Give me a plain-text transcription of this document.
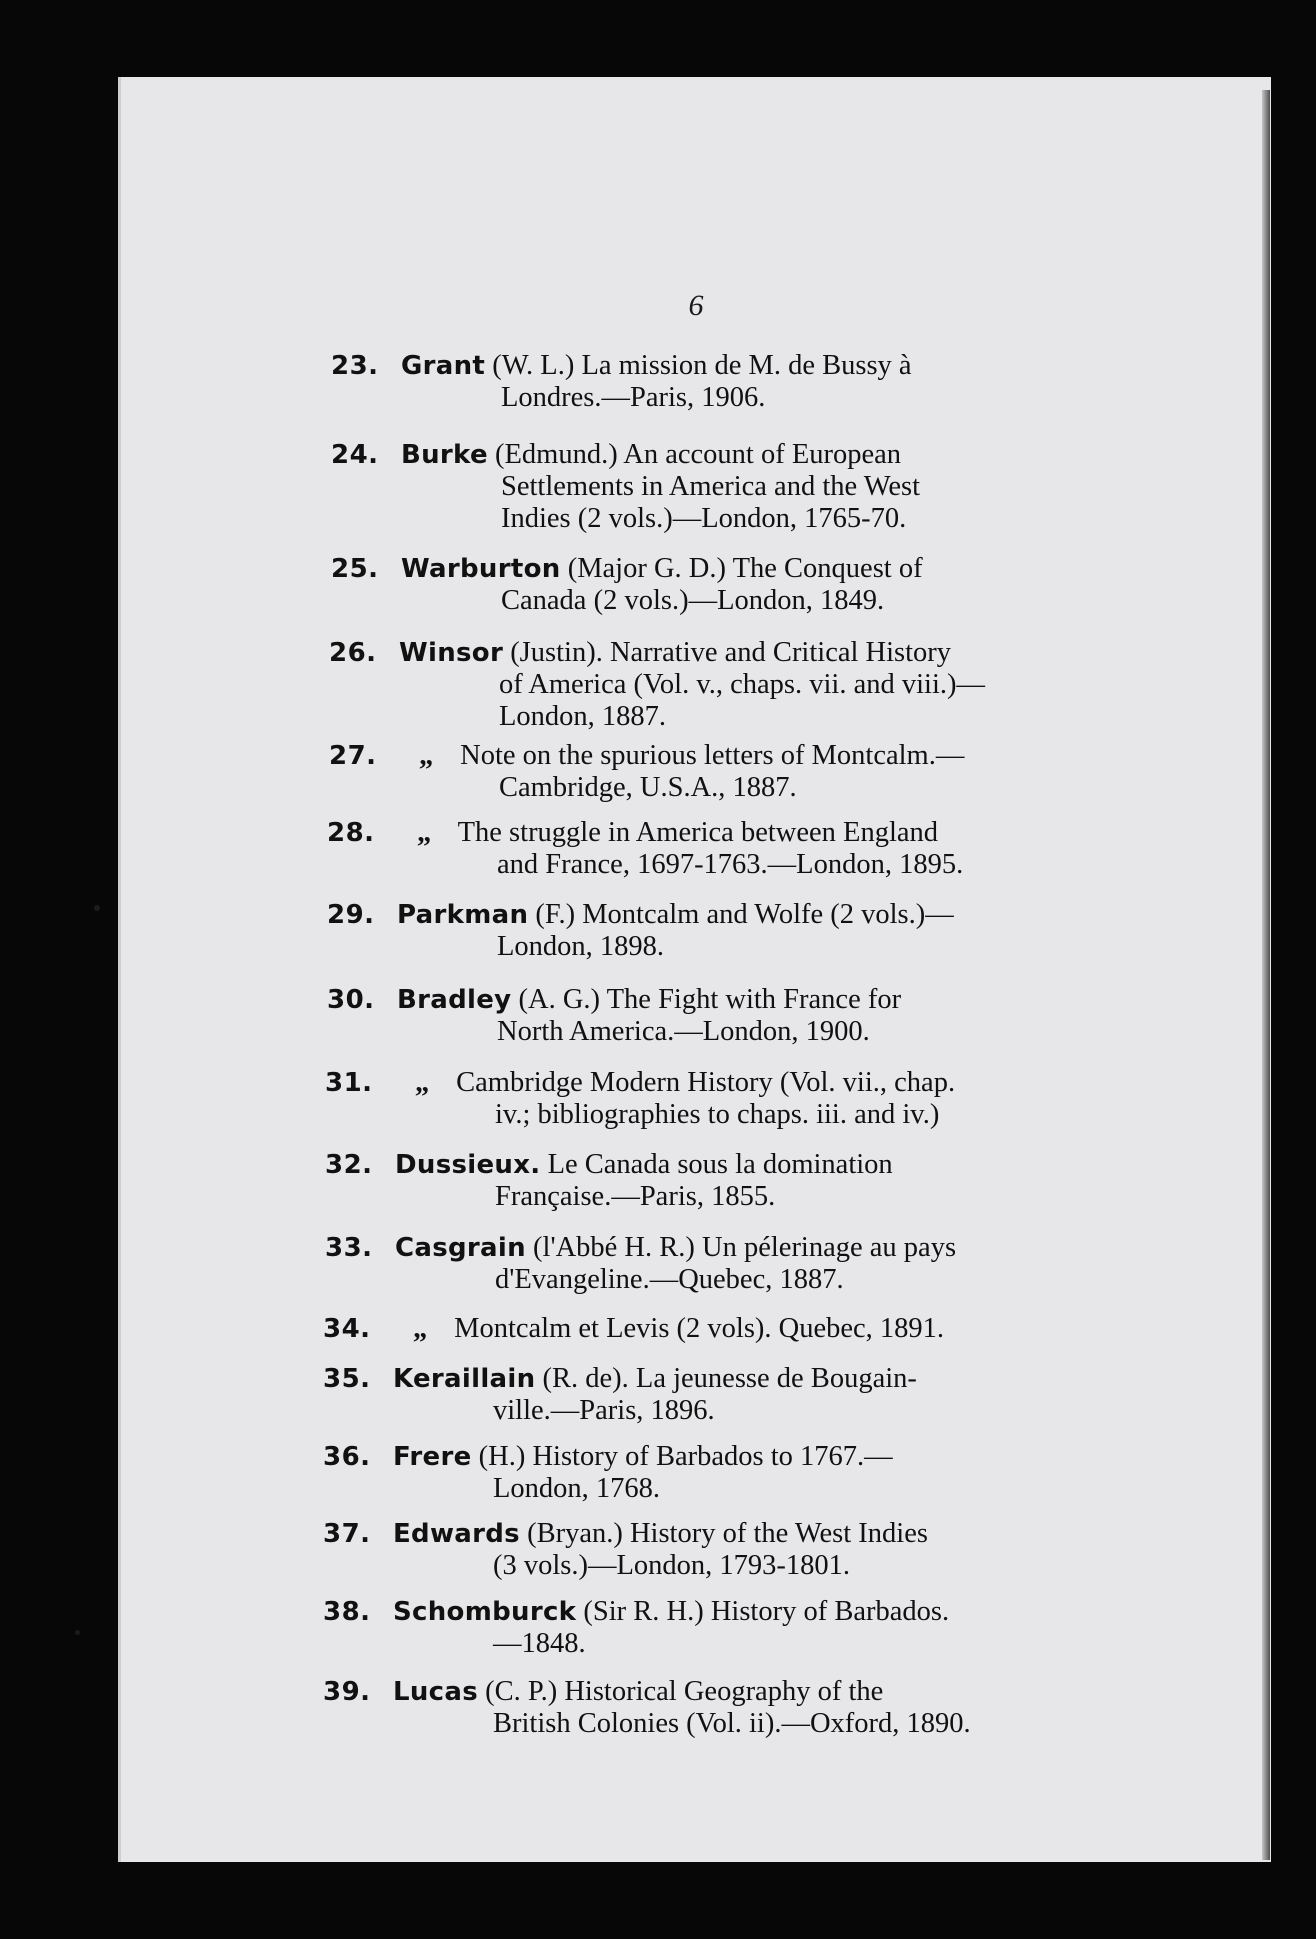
6
23. Grant (W. L.) La mission de M. de Bussy à
Londres.—Paris, 1906.
24. Burke (Edmund.) An account of European
Settlements in America and the West
Indies (2 vols.)—London, 1765-70.
25. Warburton (Major G. D.) The Conquest of
Canada (2 vols.)—London, 1849.
26. Winsor (Justin). Narrative and Critical History
of America (Vol. v., chaps. vii. and viii.)—
London, 1887.
27.	„ Note on the spurious letters of Montcalm.—
Cambridge, U.S.A., 1887.
28.	„ The struggle in America between England
and France, 1697-1763.—London, 1895.
29. Parkman (F.) Montcalm and Wolfe (2 vols.)—
London, 1898.
30. Bradley (A. G.) The Fight with France for
North America.—London, 1900.
31.	„ Cambridge Modern History (Vol. vii., chap.
iv.; bibliographies to chaps. iii. and iv.)
32. Dussieux. Le Canada sous la domination
Française.—Paris, 1855.
33. Casgrain (l'Abbé H. R.) Un pélerinage au pays
d'Evangeline.—Quebec, 1887.
34.	„ Montcalm et Levis (2 vols). Quebec, 1891.
35. Keraillain (R. de). La jeunesse de Bougain-
ville.—Paris, 1896.
36. Frere (H.) History of Barbados to 1767.—
London, 1768.
37. Edwards (Bryan.) History of the West Indies
(3 vols.)—London, 1793-1801.
38. Schomburck (Sir R. H.) History of Barbados.
—1848.
39. Lucas (C. P.) Historical Geography of the
British Colonies (Vol. ii).—Oxford, 1890.
